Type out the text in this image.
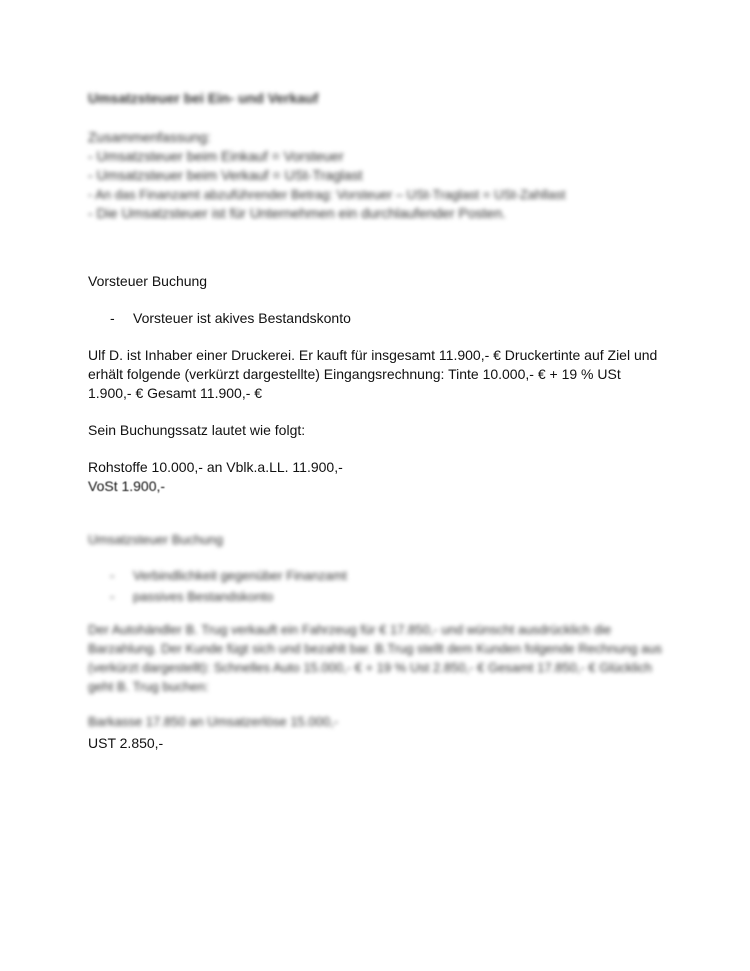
Umsatzsteuer bei Ein- und Verkauf
Zusammenfassung:
- Umsatzsteuer beim Einkauf = Vorsteuer
- Umsatzsteuer beim Verkauf = USt-Traglast
- An das Finanzamt abzuführender Betrag: Vorsteuer – USt-Traglast = USt-Zahllast
- Die Umsatzsteuer ist für Unternehmen ein durchlaufender Posten.
Vorsteuer Buchung
- Vorsteuer ist akives Bestandskonto
Ulf D. ist Inhaber einer Druckerei. Er kauft für insgesamt 11.900,- € Druckertinte auf Ziel und erhält folgende (verkürzt dargestellte) Eingangsrechnung: Tinte 10.000,- € + 19 % USt 1.900,- € Gesamt 11.900,- €
Sein Buchungssatz lautet wie folgt:
Rohstoffe 10.000,- an Vblk.a.LL. 11.900,-
VoSt 1.900,-
Umsatzsteuer Buchung
- Verbindlichkeit gegenüber Finanzamt
- passives Bestandskonto
Der Autohändler B. Trug verkauft ein Fahrzeug für € 17.850,- und wünscht ausdrücklich die Barzahlung. Der Kunde fügt sich und bezahlt bar. B.Trug stellt dem Kunden folgende Rechnung aus (verkürzt dargestellt): Schnelles Auto 15.000,- € + 19 % Ust 2.850,- € Gesamt 17.850,- € Glücklich geht B. Trug buchen:
Barkasse 17.850 an Umsatzerlöse 15.000,-
UST 2.850,-
